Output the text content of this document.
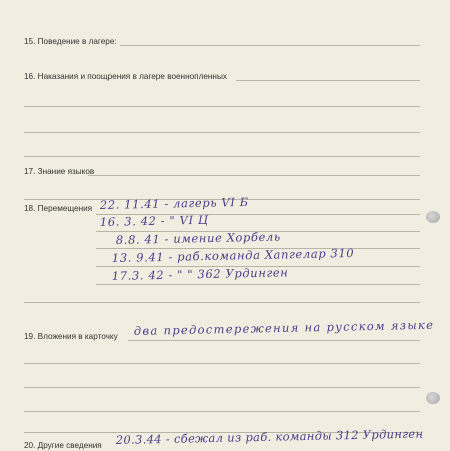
15. Поведение в лагере:
16. Наказания и поощрения в лагере военнопленных
17. Знание языков
18. Перемещения 22. 11.41 - лагерь VI Б
16. 3. 42 - " VI Ц
8.8. 41 - имение Хорбель
13. 9.41 - раб.команда Хапгелар 310
17.3. 42 - " " 362 Урдинген
19. Вложения в карточку два предостережения на русском языке
20. Другие сведения 20.3.44 - сбежал из раб. команды 312 Урдинген
